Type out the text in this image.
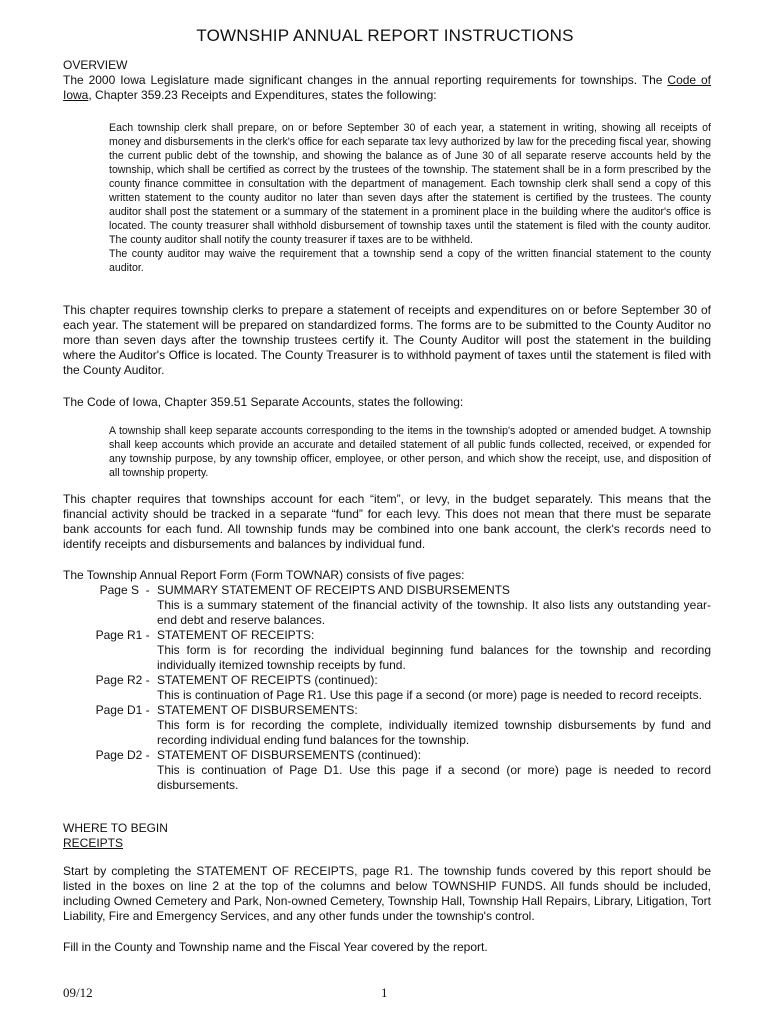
TOWNSHIP ANNUAL REPORT INSTRUCTIONS
OVERVIEW
The 2000 Iowa Legislature made significant changes in the annual reporting requirements for townships. The Code of Iowa, Chapter 359.23 Receipts and Expenditures, states the following:

Each township clerk shall prepare, on or before September 30 of each year, a statement in writing, showing all receipts of money and disbursements in the clerk's office for each separate tax levy authorized by law for the preceding fiscal year, showing the current public debt of the township, and showing the balance as of June 30 of all separate reserve accounts held by the township, which shall be certified as correct by the trustees of the township. The statement shall be in a form prescribed by the county finance committee in consultation with the department of management. Each township clerk shall send a copy of this written statement to the county auditor no later than seven days after the statement is certified by the trustees. The county auditor shall post the statement or a summary of the statement in a prominent place in the building where the auditor's office is located. The county treasurer shall withhold disbursement of township taxes until the statement is filed with the county auditor. The county auditor shall notify the county treasurer if taxes are to be withheld.

The county auditor may waive the requirement that a township send a copy of the written financial statement to the county auditor.

This chapter requires township clerks to prepare a statement of receipts and expenditures on or before September 30 of each year. The statement will be prepared on standardized forms. The forms are to be submitted to the County Auditor no more than seven days after the township trustees certify it. The County Auditor will post the statement in the building where the Auditor's Office is located. The County Treasurer is to withhold payment of taxes until the statement is filed with the County Auditor.

The Code of Iowa, Chapter 359.51 Separate Accounts, states the following:

A township shall keep separate accounts corresponding to the items in the township's adopted or amended budget. A township shall keep accounts which provide an accurate and detailed statement of all public funds collected, received, or expended for any township purpose, by any township officer, employee, or other person, and which show the receipt, use, and disposition of all township property.

This chapter requires that townships account for each “item”, or levy, in the budget separately. This means that the financial activity should be tracked in a separate “fund” for each levy. This does not mean that there must be separate bank accounts for each fund. All township funds may be combined into one bank account, the clerk's records need to identify receipts and disbursements and balances by individual fund.

The Township Annual Report Form (Form TOWNAR) consists of five pages:

Page S  - SUMMARY STATEMENT OF RECEIPTS AND DISBURSEMENTS
This is a summary statement of the financial activity of the township. It also lists any outstanding year-end debt and reserve balances.
Page R1 - STATEMENT OF RECEIPTS:
This form is for recording the individual beginning fund balances for the township and recording individually itemized township receipts by fund.
Page R2 - STATEMENT OF RECEIPTS (continued):
This is continuation of Page R1. Use this page if a second (or more) page is needed to record receipts.
Page D1 - STATEMENT OF DISBURSEMENTS:
This form is for recording the complete, individually itemized township disbursements by fund and recording individual ending fund balances for the township.
Page D2 - STATEMENT OF DISBURSEMENTS (continued):
This is continuation of Page D1. Use this page if a second (or more) page is needed to record disbursements.
WHERE TO BEGIN
RECEIPTS

Start by completing the STATEMENT OF RECEIPTS, page R1. The township funds covered by this report should be listed in the boxes on line 2 at the top of the columns and below TOWNSHIP FUNDS. All funds should be included, including Owned Cemetery and Park, Non-owned Cemetery, Township Hall, Township Hall Repairs, Library, Litigation, Tort Liability, Fire and Emergency Services, and any other funds under the township's control.

Fill in the County and Township name and the Fiscal Year covered by the report.

09/12	1
